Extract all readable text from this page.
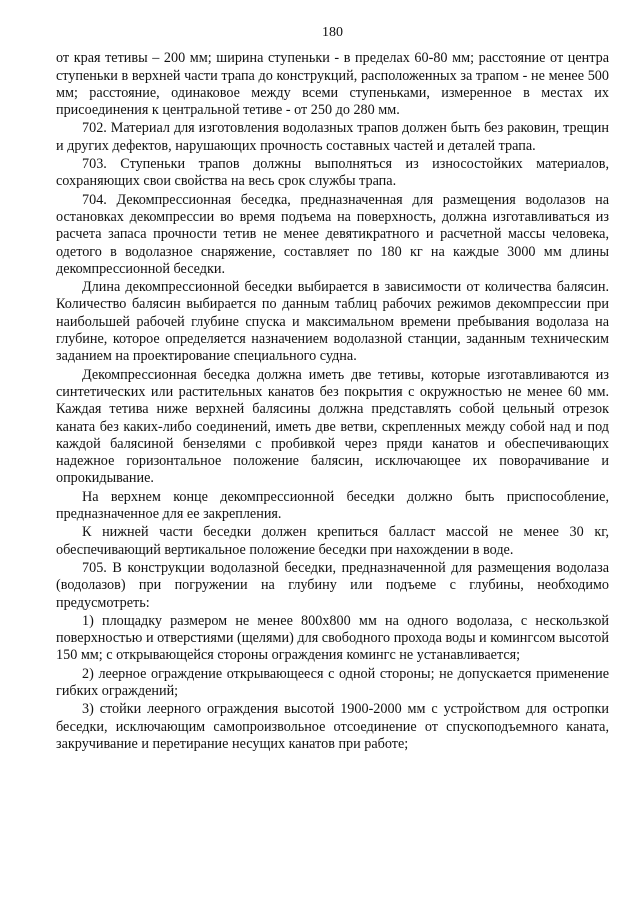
180

от края тетивы – 200 мм; ширина ступеньки - в пределах 60-80 мм; расстояние от центра ступеньки в верхней части трапа до конструкций, расположенных за трапом - не менее 500 мм; расстояние, одинаковое между всеми ступеньками, измеренное в местах их присоединения к центральной тетиве - от 250 до 280 мм.

702. Материал для изготовления водолазных трапов должен быть без раковин, трещин и других дефектов, нарушающих прочность составных частей и деталей трапа.

703. Ступеньки трапов должны выполняться из износостойких материалов, сохраняющих свои свойства на весь срок службы трапа.

704. Декомпрессионная беседка, предназначенная для размещения водолазов на остановках декомпрессии во время подъема на поверхность, должна изготавливаться из расчета запаса прочности тетив не менее девятикратного и расчетной массы человека, одетого в водолазное снаряжение, составляет по 180 кг на каждые 3000 мм длины декомпрессионной беседки.

Длина декомпрессионной беседки выбирается в зависимости от количества балясин. Количество балясин выбирается по данным таблиц рабочих режимов декомпрессии при наибольшей рабочей глубине спуска и максимальном времени пребывания водолаза на глубине, которое определяется назначением водолазной станции, заданным техническим заданием на проектирование специального судна.

Декомпрессионная беседка должна иметь две тетивы, которые изготавливаются из синтетических или растительных канатов без покрытия с окружностью не менее 60 мм. Каждая тетива ниже верхней балясины должна представлять собой цельный отрезок каната без каких-либо соединений, иметь две ветви, скрепленных между собой над и под каждой балясиной бензелями с пробивкой через пряди канатов и обеспечивающих надежное горизонтальное положение балясин, исключающее их поворачивание и опрокидывание.

На верхнем конце декомпрессионной беседки должно быть приспособление, предназначенное для ее закрепления.

К нижней части беседки должен крепиться балласт массой не менее 30 кг, обеспечивающий вертикальное положение беседки при нахождении в воде.

705. В конструкции водолазной беседки, предназначенной для размещения водолаза (водолазов) при погружении на глубину или подъеме с глубины, необходимо предусмотреть:

1) площадку размером не менее 800х800 мм на одного водолаза, с нескользкой поверхностью и отверстиями (щелями) для свободного прохода воды и комингсом высотой 150 мм; с открывающейся стороны ограждения комингс не устанавливается;

2) леерное ограждение открывающееся с одной стороны; не допускается применение гибких ограждений;

3) стойки леерного ограждения высотой 1900-2000 мм с устройством для остропки беседки, исключающим самопроизвольное отсоединение от спускоподъемного каната, закручивание и перетирание несущих канатов при работе;
